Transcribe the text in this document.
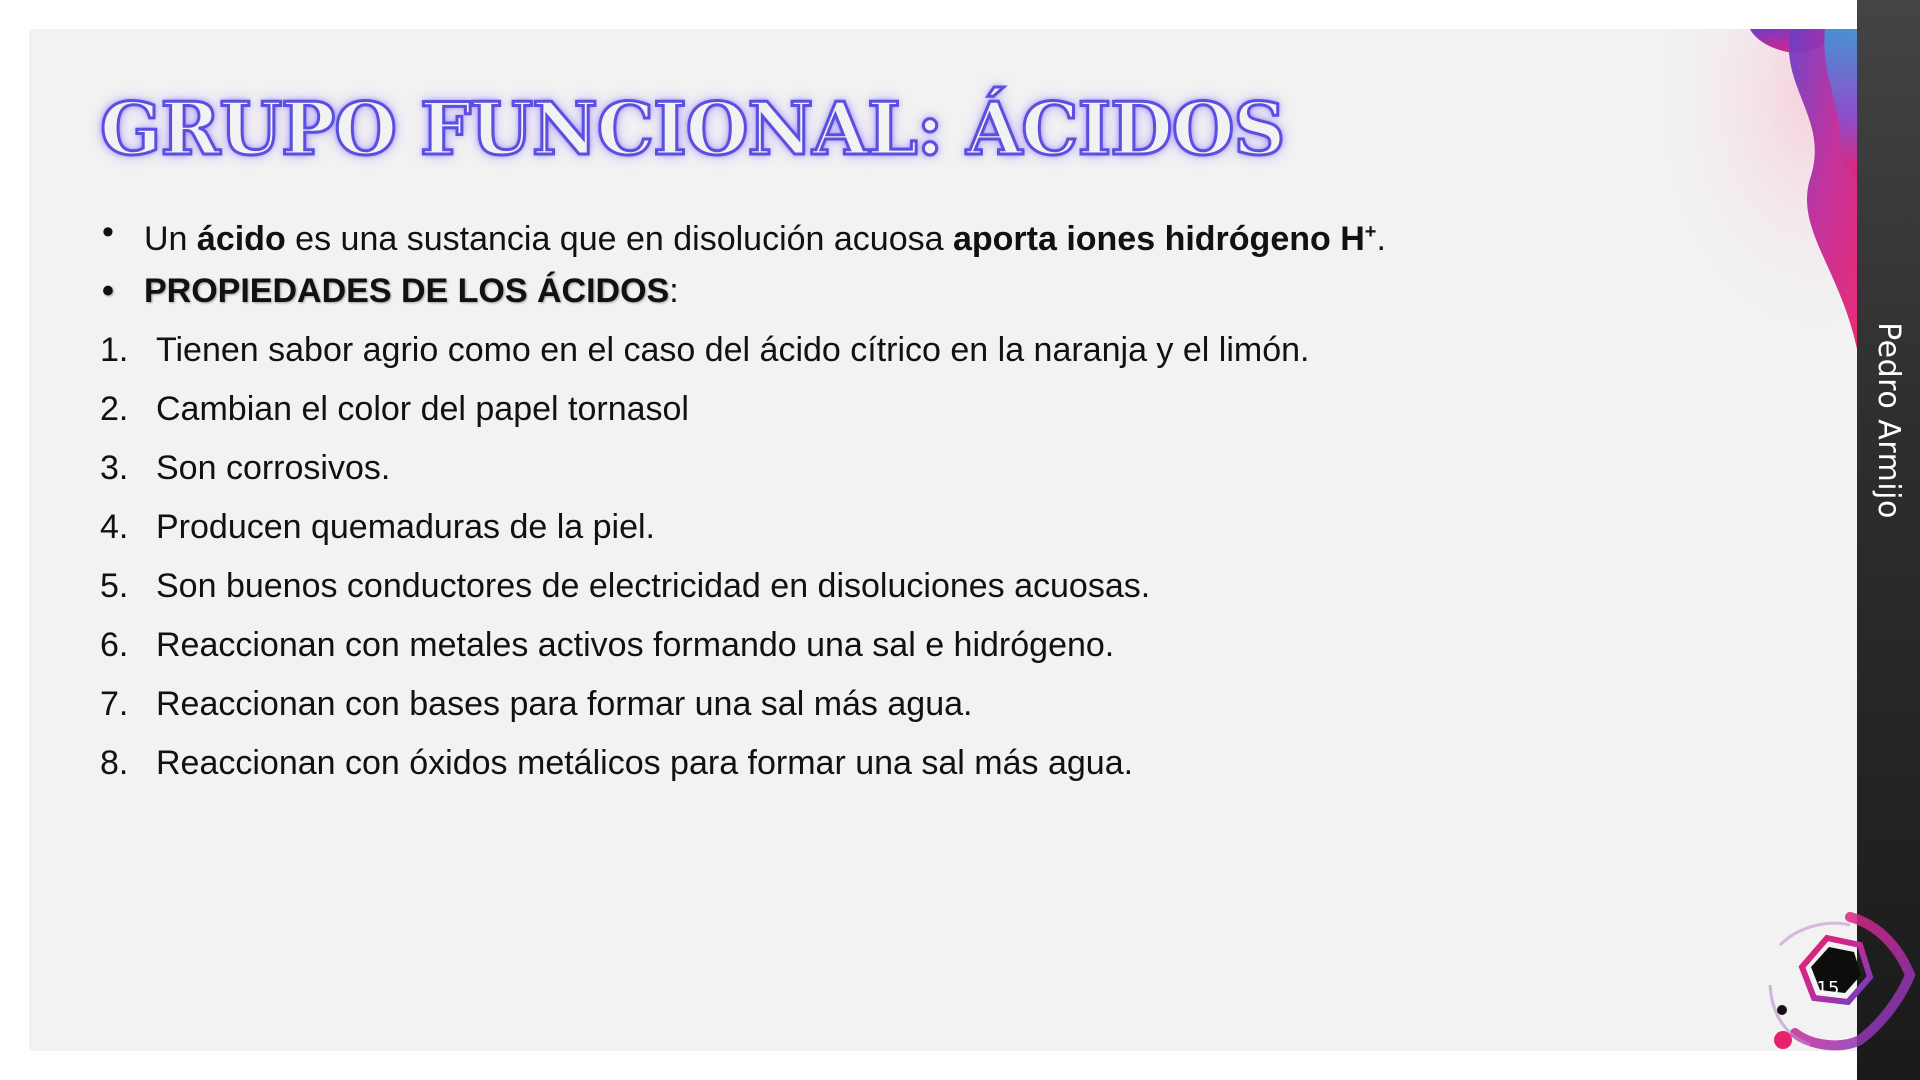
GRUPO FUNCIONAL: ÁCIDOS
• Un ácido es una sustancia que en disolución acuosa aporta iones hidrógeno H+.
• PROPIEDADES DE LOS ÁCIDOS:
1. Tienen sabor agrio como en el caso del ácido cítrico en la naranja y el limón.
2. Cambian el color del papel tornasol
3. Son corrosivos.
4. Producen quemaduras de la piel.
5. Son buenos conductores de electricidad en disoluciones acuosas.
6. Reaccionan con metales activos formando una sal e hidrógeno.
7. Reaccionan con bases para formar una sal más agua.
8. Reaccionan con óxidos metálicos para formar una sal más agua.
Pedro Armijo
15
